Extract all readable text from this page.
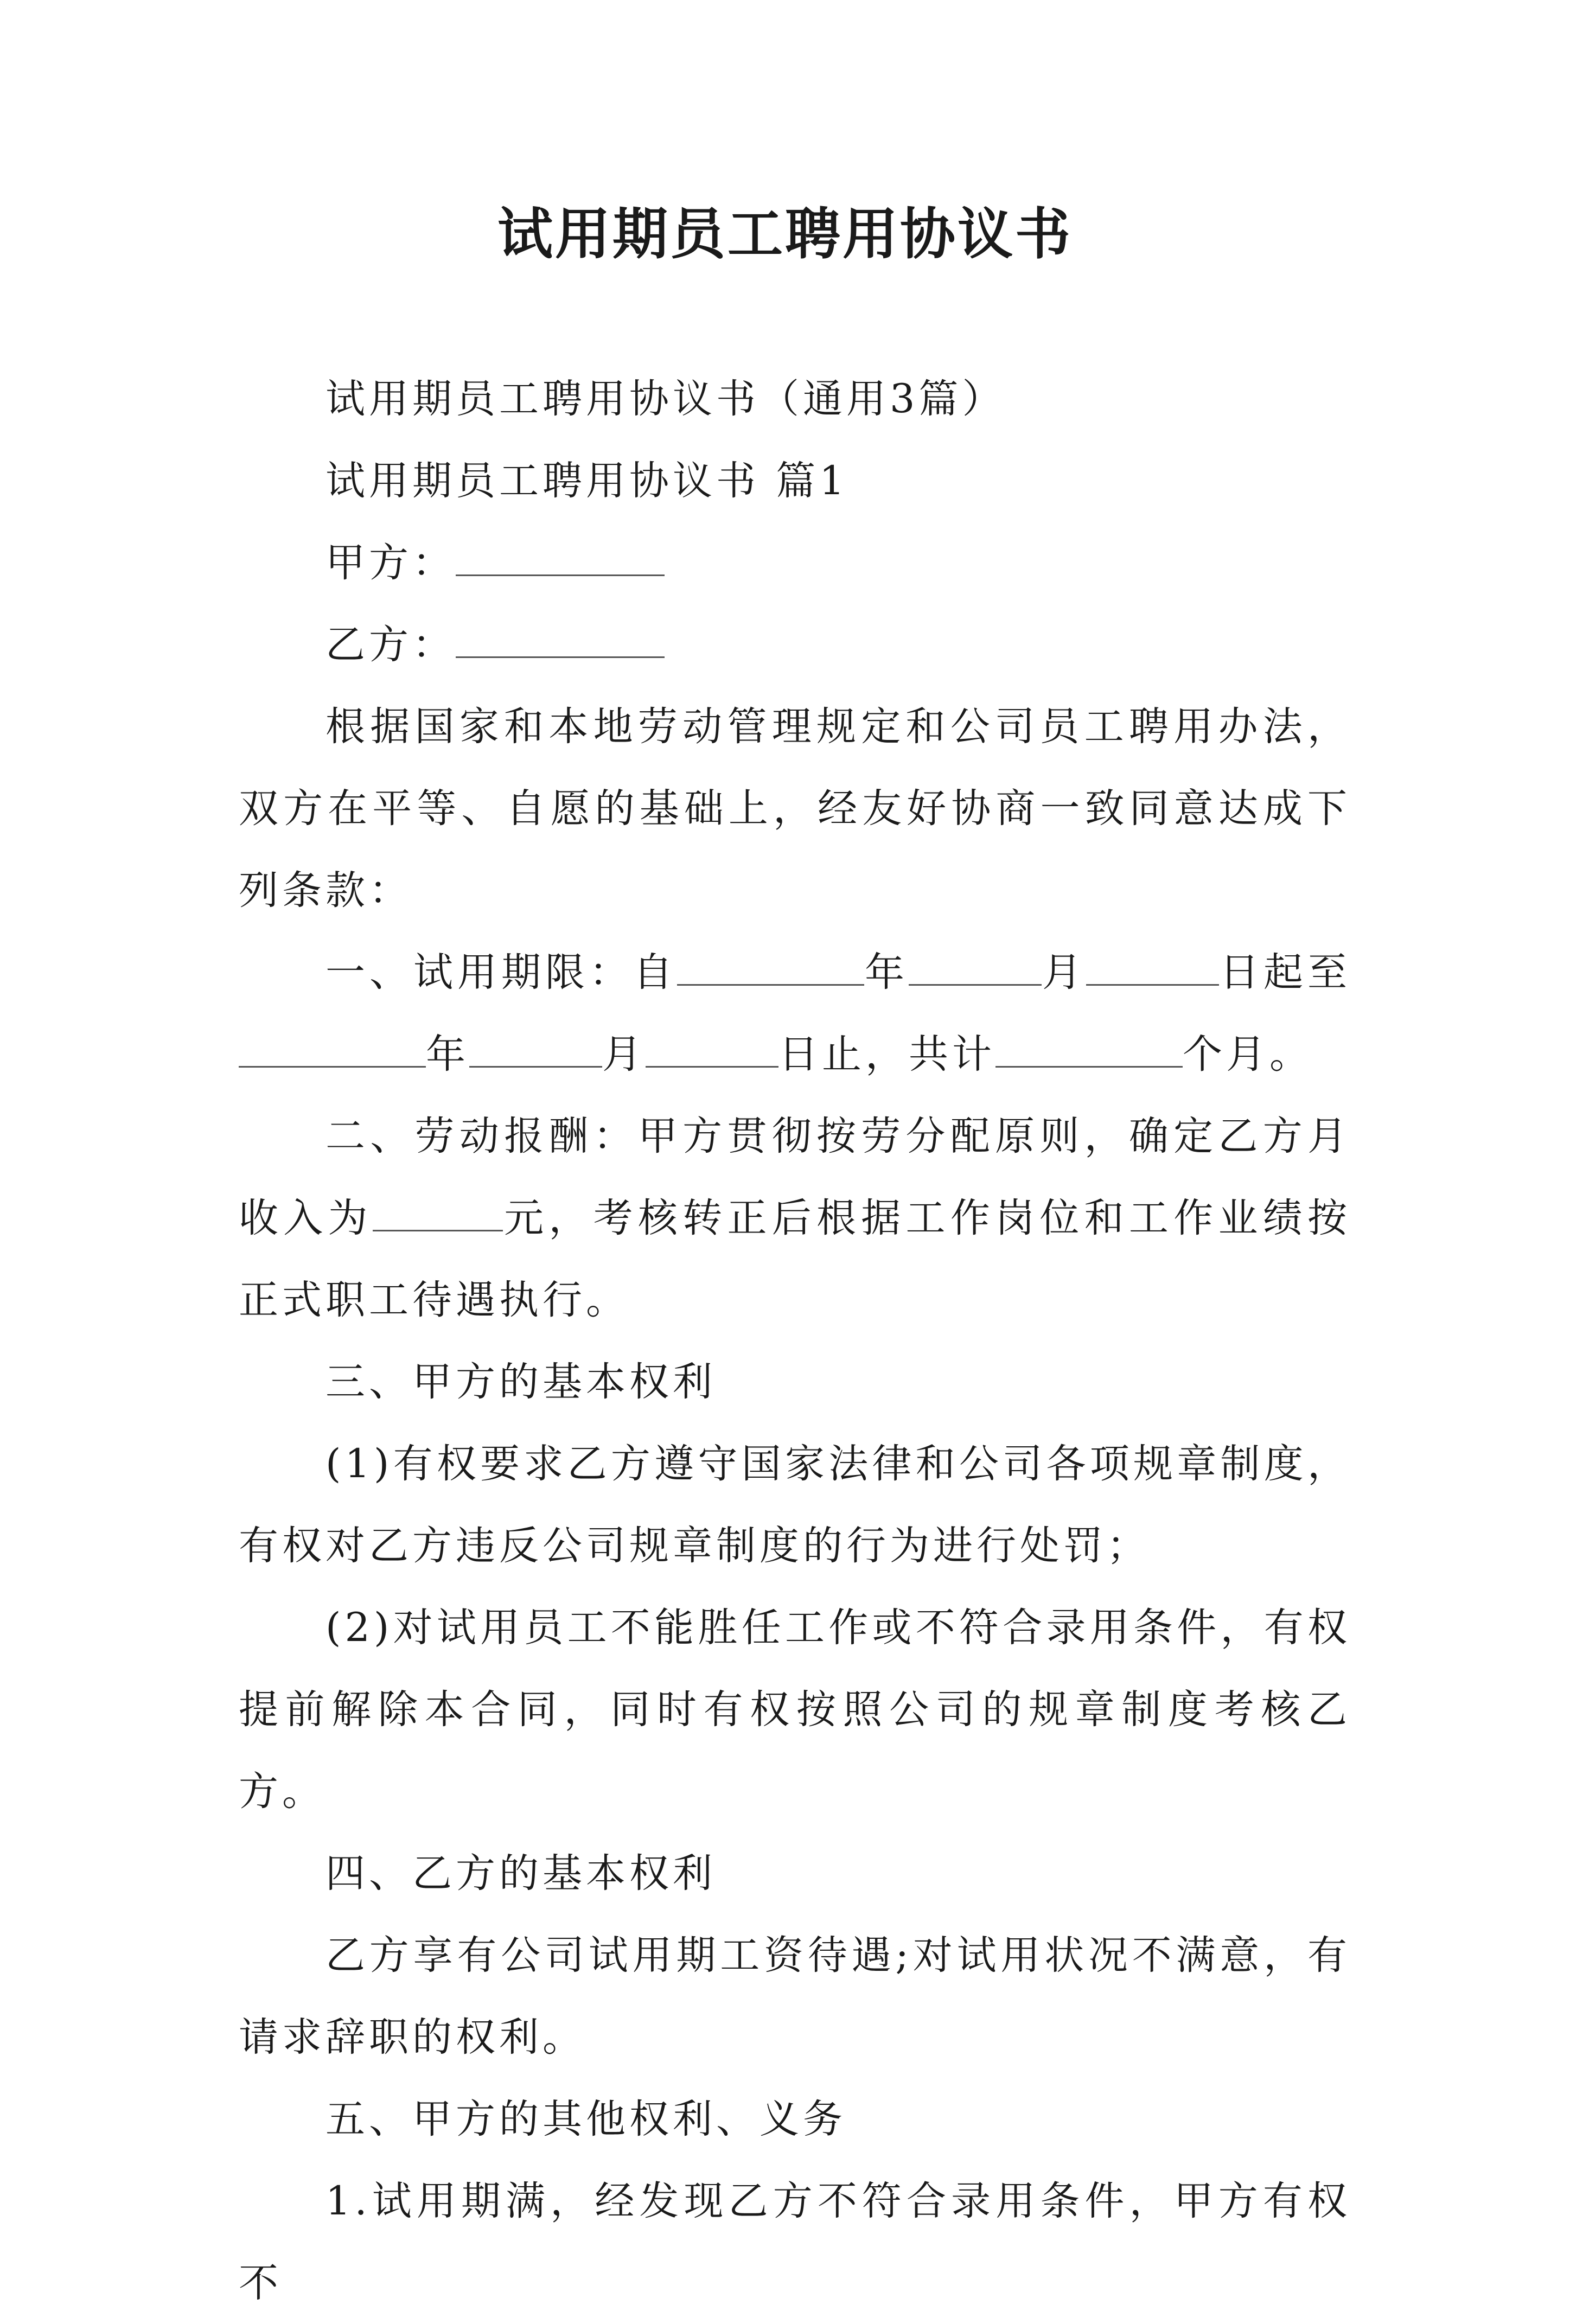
试用期员工聘用协议书

试用期员工聘用协议书（通用3篇）

试用期员工聘用协议书 篇1

甲方：

乙方：

根据国家和本地劳动管理规定和公司员工聘用办法，双方在平等、自愿的基础上，经友好协商一致同意达成下列条款：

一、试用期限：自	年	月	日起至年	月	日止，共计	个月。

二、劳动报酬：甲方贯彻按劳分配原则，确定乙方月收入为	元，考核转正后根据工作岗位和工作业绩按正式职工待遇执行。

三、甲方的基本权利

(1)有权要求乙方遵守国家法律和公司各项规章制度，有权对乙方违反公司规章制度的行为进行处罚；

(2)对试用员工不能胜任工作或不符合录用条件，有权提前解除本合同，同时有权按照公司的规章制度考核乙方。

四、乙方的基本权利

乙方享有公司试用期工资待遇;对试用状况不满意，有请求辞职的权利。

五、甲方的其他权利、义务

1.试用期满，经发现乙方不符合录用条件，甲方有权不
